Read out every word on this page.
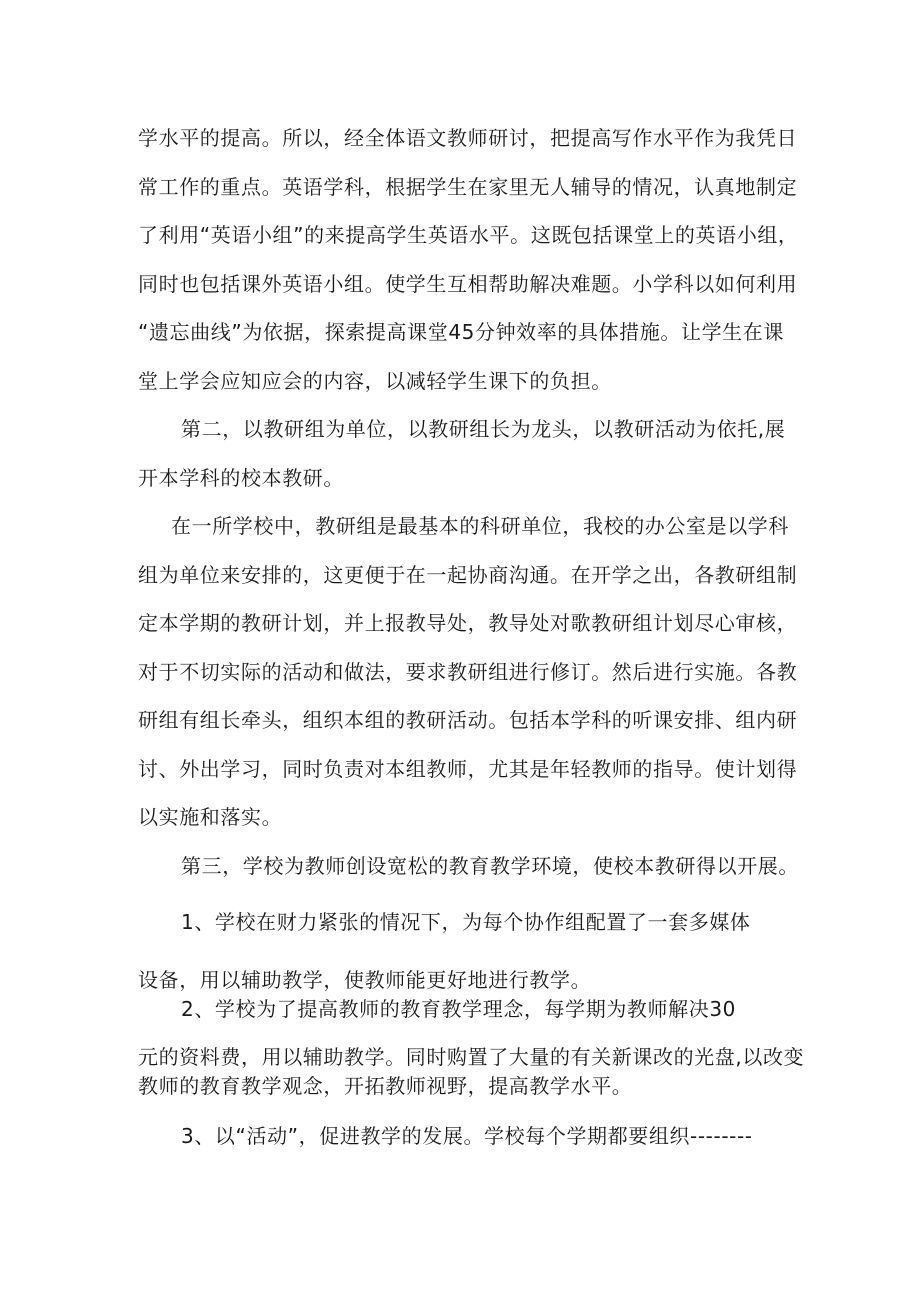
学水平的提高。所以，经全体语文教师研讨，把提高写作水平作为我凭日
常工作的重点。英语学科，根据学生在家里无人辅导的情况，认真地制定
了利用“英语小组”的来提高学生英语水平。这既包括课堂上的英语小组，
同时也包括课外英语小组。使学生互相帮助解决难题。小学科以如何利用
“遗忘曲线”为依据，探索提高课堂45分钟效率的具体措施。让学生在课
堂上学会应知应会的内容，以减轻学生课下的负担。
第二，以教研组为单位，以教研组长为龙头，以教研活动为依托,展
开本学科的校本教研。
在一所学校中，教研组是最基本的科研单位，我校的办公室是以学科
组为单位来安排的，这更便于在一起协商沟通。在开学之出，各教研组制
定本学期的教研计划，并上报教导处，教导处对歌教研组计划尽心审核，
对于不切实际的活动和做法，要求教研组进行修订。然后进行实施。各教
研组有组长牵头，组织本组的教研活动。包括本学科的听课安排、组内研
讨、外出学习，同时负责对本组教师，尤其是年轻教师的指导。使计划得
以实施和落实。
第三，学校为教师创设宽松的教育教学环境，使校本教研得以开展。
1、学校在财力紧张的情况下，为每个协作组配置了一套多媒体
设备，用以辅助教学，使教师能更好地进行教学。
2、学校为了提高教师的教育教学理念，每学期为教师解决30
元的资料费，用以辅助教学。同时购置了大量的有关新课改的光盘,以改变
教师的教育教学观念，开拓教师视野，提高教学水平。
3、以“活动”，促进教学的发展。学校每个学期都要组织--------
